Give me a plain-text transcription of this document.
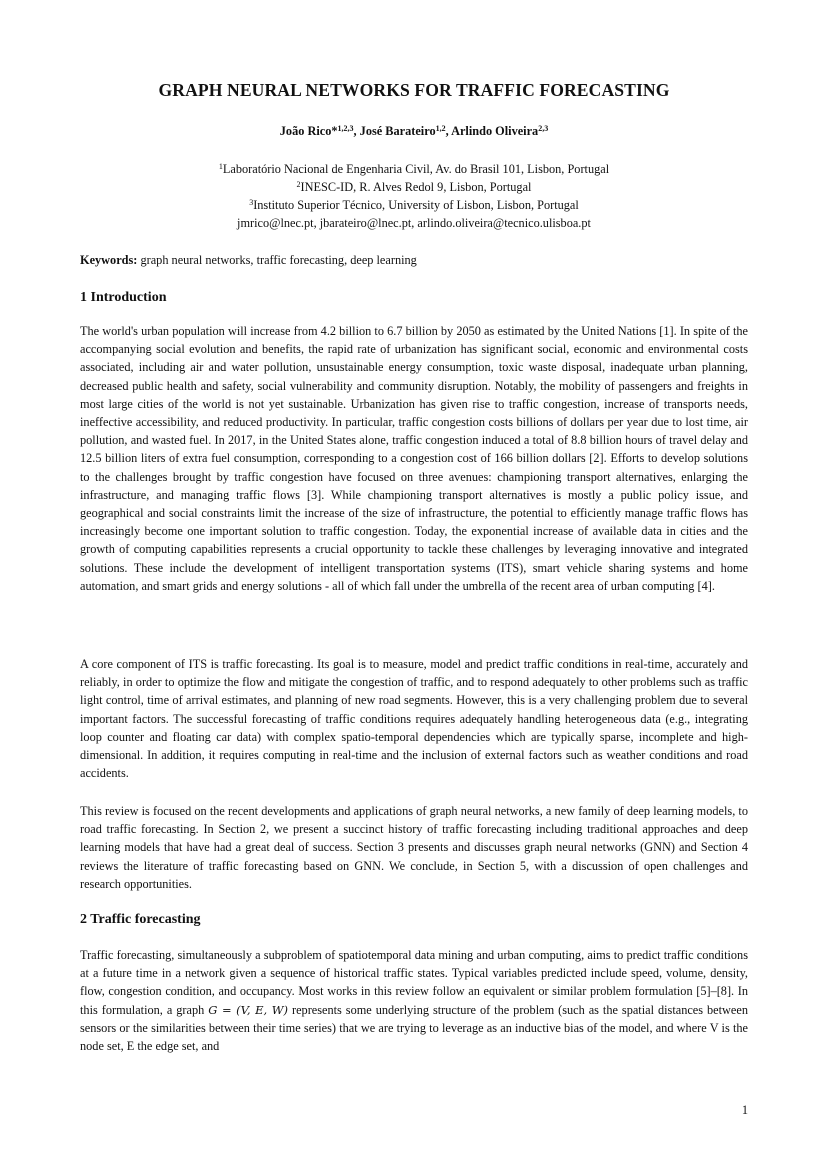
GRAPH NEURAL NETWORKS FOR TRAFFIC FORECASTING
João Rico*$^{1,2,3}$, José Barateiro$^{1,2}$, Arlindo Oliveira$^{2,3}$
$^1$Laboratório Nacional de Engenharia Civil, Av. do Brasil 101, Lisbon, Portugal
$^2$INESC-ID, R. Alves Redol 9, Lisbon, Portugal
$^3$Instituto Superior Técnico, University of Lisbon, Lisbon, Portugal
jmrico@lnec.pt, jbarateiro@lnec.pt, arlindo.oliveira@tecnico.ulisboa.pt
Keywords: graph neural networks, traffic forecasting, deep learning
1 Introduction

The world's urban population will increase from 4.2 billion to 6.7 billion by 2050 as estimated by the United Nations [1]. In spite of the accompanying social evolution and benefits, the rapid rate of urbanization has significant social, economic and environmental costs associated, including air and water pollution, unsustainable energy consumption, toxic waste disposal, inadequate urban planning, decreased public health and safety, social vulnerability and community disruption. Notably, the mobility of passengers and freights in most large cities of the world is not yet sustainable. Urbanization has given rise to traffic congestion, increase of transports needs, ineffective accessibility, and reduced productivity. In particular, traffic congestion costs billions of dollars per year due to lost time, air pollution, and wasted fuel. In 2017, in the United States alone, traffic congestion induced a total of 8.8 billion hours of travel delay and 12.5 billion liters of extra fuel consumption, corresponding to a congestion cost of 166 billion dollars [2]. Efforts to develop solutions to the challenges brought by traffic congestion have focused on three avenues: championing transport alternatives, enlarging the infrastructure, and managing traffic flows [3]. While championing transport alternatives is mostly a public policy issue, and geographical and social constraints limit the increase of the size of infrastructure, the potential to efficiently manage traffic flows has increasingly become one important solution to traffic congestion. Today, the exponential increase of available data in cities and the growth of computing capabilities represents a crucial opportunity to tackle these challenges by leveraging innovative and integrated solutions. These include the development of intelligent transportation systems (ITS), smart vehicle sharing systems and home automation, and smart grids and energy solutions - all of which fall under the umbrella of the recent area of urban computing [4].

A core component of ITS is traffic forecasting. Its goal is to measure, model and predict traffic conditions in real-time, accurately and reliably, in order to optimize the flow and mitigate the congestion of traffic, and to respond adequately to other problems such as traffic light control, time of arrival estimates, and planning of new road segments. However, this is a very challenging problem due to several important factors. The successful forecasting of traffic conditions requires adequately handling heterogeneous data (e.g., integrating loop counter and floating car data) with complex spatio-temporal dependencies which are typically sparse, incomplete and high-dimensional. In addition, it requires computing in real-time and the inclusion of external factors such as weather conditions and road accidents.

This review is focused on the recent developments and applications of graph neural networks, a new family of deep learning models, to road traffic forecasting. In Section 2, we present a succinct history of traffic forecasting including traditional approaches and deep learning models that have had a great deal of success. Section 3 presents and discusses graph neural networks (GNN) and Section 4 reviews the literature of traffic forecasting based on GNN. We conclude, in Section 5, with a discussion of open challenges and research opportunities.

2 Traffic forecasting

Traffic forecasting, simultaneously a subproblem of spatiotemporal data mining and urban computing, aims to predict traffic conditions at a future time in a network given a sequence of historical traffic states. Typical variables predicted include speed, volume, density, flow, congestion condition, and occupancy. Most works in this review follow an equivalent or similar problem formulation [5]–[8]. In this formulation, a graph G = (V, E, W) represents some underlying structure of the problem (such as the spatial distances between sensors or the similarities between their time series) that we are trying to leverage as an inductive bias of the model, and where V is the node set, E the edge set, and

1
